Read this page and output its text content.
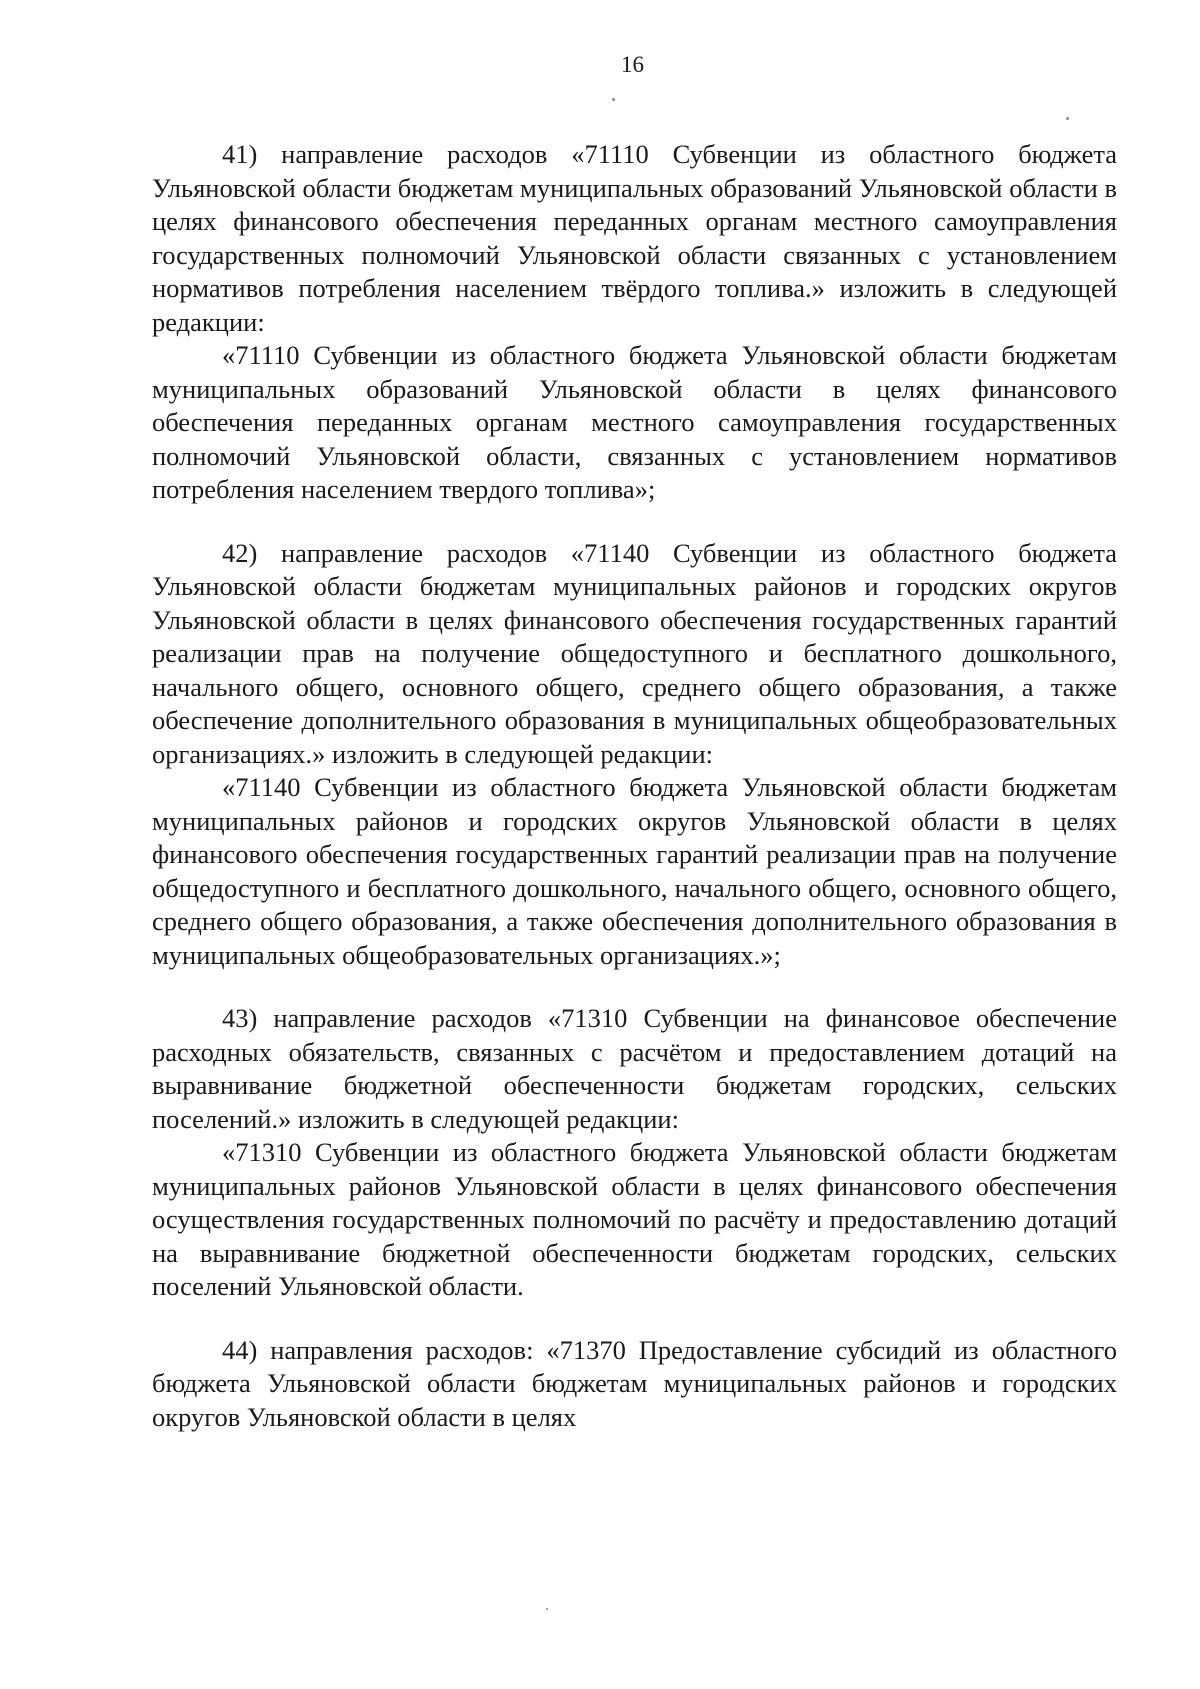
16

41) направление расходов «71110 Субвенции из областного бюджета Ульяновской области бюджетам муниципальных образований Ульяновской области в целях финансового обеспечения переданных органам местного самоуправления государственных полномочий Ульяновской области связанных с установлением нормативов потребления населением твёрдого топлива.» изложить в следующей редакции:

«71110 Субвенции из областного бюджета Ульяновской области бюджетам муниципальных образований Ульяновской области в целях финансового обеспечения переданных органам местного самоуправления государственных полномочий Ульяновской области, связанных с установлением нормативов потребления населением твердого топлива»;

42) направление расходов «71140 Субвенции из областного бюджета Ульяновской области бюджетам муниципальных районов и городских округов Ульяновской области в целях финансового обеспечения государственных гарантий реализации прав на получение общедоступного и бесплатного дошкольного, начального общего, основного общего, среднего общего образования, а также обеспечение дополнительного образования в муниципальных общеобразовательных организациях.» изложить в следующей редакции:

«71140 Субвенции из областного бюджета Ульяновской области бюджетам муниципальных районов и городских округов Ульяновской области в целях финансового обеспечения государственных гарантий реализации прав на получение общедоступного и бесплатного дошкольного, начального общего, основного общего, среднего общего образования, а также обеспечения дополнительного образования в муниципальных общеобразовательных организациях.»;

43) направление расходов «71310 Субвенции на финансовое обеспечение расходных обязательств, связанных с расчётом и предоставлением дотаций на выравнивание бюджетной обеспеченности бюджетам городских, сельских поселений.» изложить в следующей редакции:

«71310 Субвенции из областного бюджета Ульяновской области бюджетам муниципальных районов Ульяновской области в целях финансового обеспечения осуществления государственных полномочий по расчёту и предоставлению дотаций на выравнивание бюджетной обеспеченности бюджетам городских, сельских поселений Ульяновской области.

44) направления расходов: «71370 Предоставление субсидий из областного бюджета Ульяновской области бюджетам муниципальных районов и городских округов Ульяновской области в целях
